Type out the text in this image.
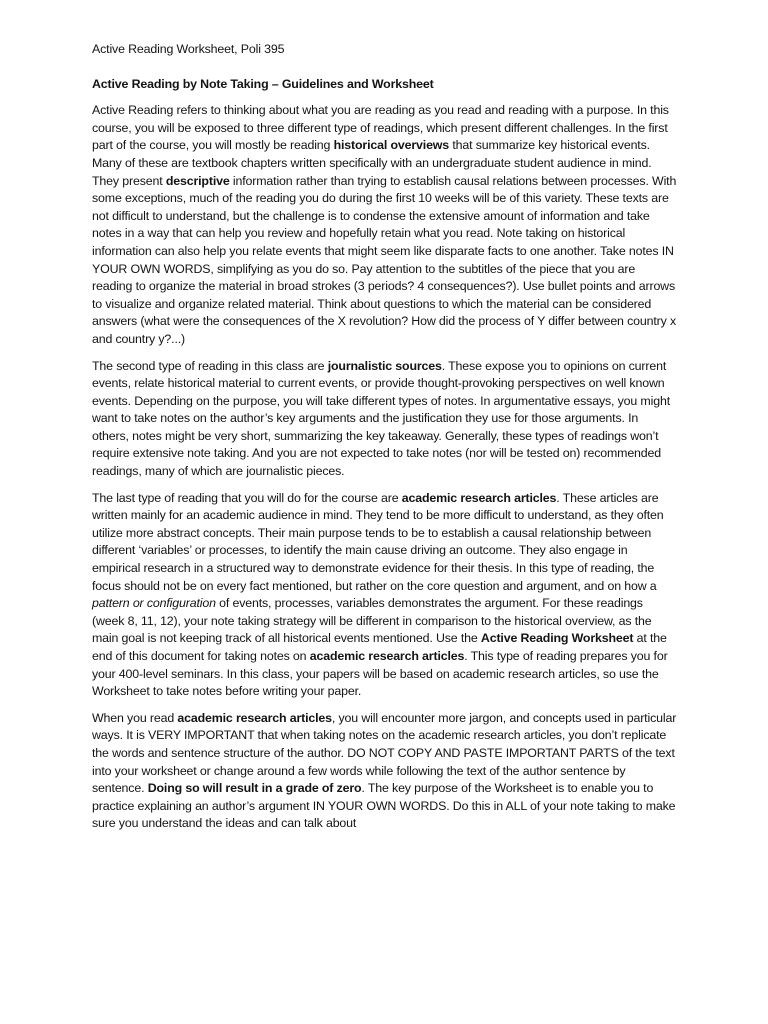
Active Reading Worksheet, Poli 395
Active Reading by Note Taking – Guidelines and Worksheet

Active Reading refers to thinking about what you are reading as you read and reading with a purpose. In this course, you will be exposed to three different type of readings, which present different challenges. In the first part of the course, you will mostly be reading historical overviews that summarize key historical events. Many of these are textbook chapters written specifically with an undergraduate student audience in mind. They present descriptive information rather than trying to establish causal relations between processes. With some exceptions, much of the reading you do during the first 10 weeks will be of this variety. These texts are not difficult to understand, but the challenge is to condense the extensive amount of information and take notes in a way that can help you review and hopefully retain what you read. Note taking on historical information can also help you relate events that might seem like disparate facts to one another. Take notes IN YOUR OWN WORDS, simplifying as you do so. Pay attention to the subtitles of the piece that you are reading to organize the material in broad strokes (3 periods? 4 consequences?). Use bullet points and arrows to visualize and organize related material. Think about questions to which the material can be considered answers (what were the consequences of the X revolution? How did the process of Y differ between country x and country y?...)

The second type of reading in this class are journalistic sources. These expose you to opinions on current events, relate historical material to current events, or provide thought-provoking perspectives on well known events. Depending on the purpose, you will take different types of notes. In argumentative essays, you might want to take notes on the author’s key arguments and the justification they use for those arguments. In others, notes might be very short, summarizing the key takeaway. Generally, these types of readings won’t require extensive note taking. And you are not expected to take notes (nor will be tested on) recommended readings, many of which are journalistic pieces.

The last type of reading that you will do for the course are academic research articles. These articles are written mainly for an academic audience in mind. They tend to be more difficult to understand, as they often utilize more abstract concepts. Their main purpose tends to be to establish a causal relationship between different ‘variables’ or processes, to identify the main cause driving an outcome. They also engage in empirical research in a structured way to demonstrate evidence for their thesis. In this type of reading, the focus should not be on every fact mentioned, but rather on the core question and argument, and on how a pattern or configuration of events, processes, variables demonstrates the argument. For these readings (week 8, 11, 12), your note taking strategy will be different in comparison to the historical overview, as the main goal is not keeping track of all historical events mentioned. Use the Active Reading Worksheet at the end of this document for taking notes on academic research articles. This type of reading prepares you for your 400-level seminars. In this class, your papers will be based on academic research articles, so use the Worksheet to take notes before writing your paper.

When you read academic research articles, you will encounter more jargon, and concepts used in particular ways. It is VERY IMPORTANT that when taking notes on the academic research articles, you don’t replicate the words and sentence structure of the author. DO NOT COPY AND PASTE IMPORTANT PARTS of the text into your worksheet or change around a few words while following the text of the author sentence by sentence. Doing so will result in a grade of zero. The key purpose of the Worksheet is to enable you to practice explaining an author’s argument IN YOUR OWN WORDS. Do this in ALL of your note taking to make sure you understand the ideas and can talk about
